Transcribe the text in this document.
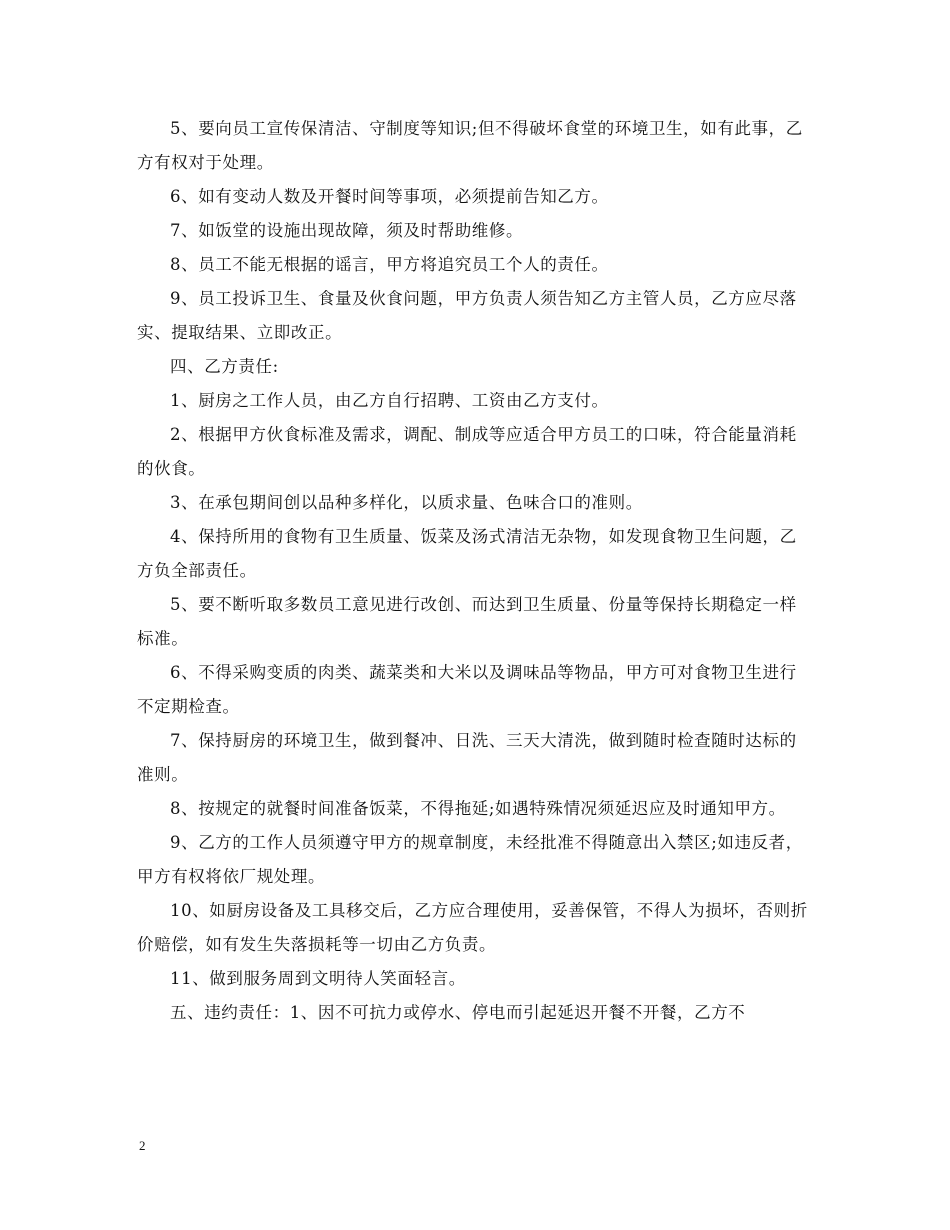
5、要向员工宣传保清洁、守制度等知识;但不得破坏食堂的环境卫生，如有此事，乙方有权对于处理。

6、如有变动人数及开餐时间等事项，必须提前告知乙方。

7、如饭堂的设施出现故障，须及时帮助维修。

8、员工不能无根据的谣言，甲方将追究员工个人的责任。

9、员工投诉卫生、食量及伙食问题，甲方负责人须告知乙方主管人员，乙方应尽落实、提取结果、立即改正。

四、乙方责任:

1、厨房之工作人员，由乙方自行招聘、工资由乙方支付。

2、根据甲方伙食标准及需求，调配、制成等应适合甲方员工的口味，符合能量消耗的伙食。

3、在承包期间创以品种多样化，以质求量、色味合口的准则。

4、保持所用的食物有卫生质量、饭菜及汤式清洁无杂物，如发现食物卫生问题，乙方负全部责任。

5、要不断听取多数员工意见进行改创、而达到卫生质量、份量等保持长期稳定一样标准。

6、不得采购变质的肉类、蔬菜类和大米以及调味品等物品，甲方可对食物卫生进行不定期检查。

7、保持厨房的环境卫生，做到餐冲、日洗、三天大清洗，做到随时检查随时达标的准则。

8、按规定的就餐时间准备饭菜，不得拖延;如遇特殊情况须延迟应及时通知甲方。

9、乙方的工作人员须遵守甲方的规章制度，未经批准不得随意出入禁区;如违反者，甲方有权将依厂规处理。

10、如厨房设备及工具移交后，乙方应合理使用，妥善保管，不得人为损坏，否则折价赔偿，如有发生失落损耗等一切由乙方负责。

11、做到服务周到文明待人笑面轻言。

五、违约责任：1、因不可抗力或停水、停电而引起延迟开餐不开餐，乙方不

2
